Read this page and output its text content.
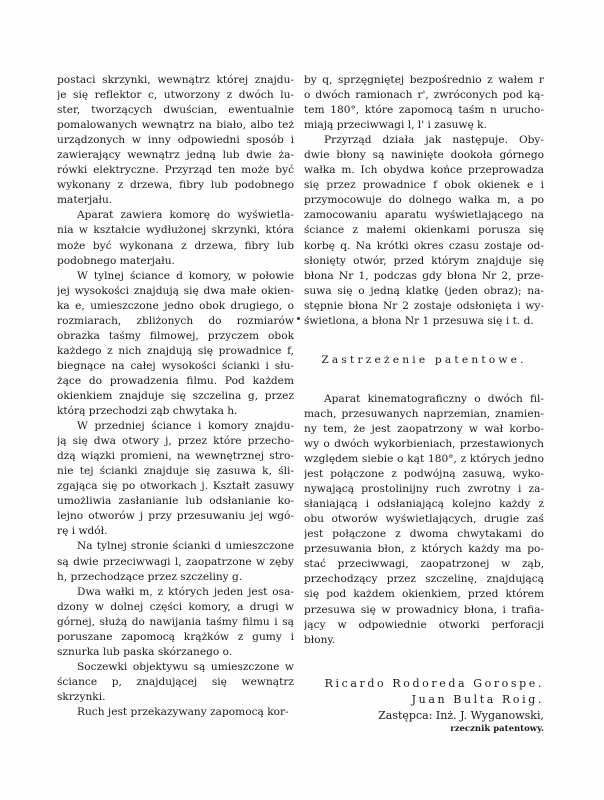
postaci skrzynki, wewnątrz której znajdu-
je się reflektor c, utworzony z dwóch lu-
ster, tworzących dwuścian, ewentualnie
pomalowanych wewnątrz na biało, albo też
urządzonych w inny odpowiedni sposób i
zawierający wewnątrz jedną lub dwie ża-
rówki elektryczne. Przyrząd ten może być
wykonany z drzewa, fibry lub podobnego
materjału.

Aparat zawiera komorę do wyświetla-
nia w kształcie wydłużonej skrzynki, która
może być wykonana z drzewa, fibry lub
podobnego materjału.

W tylnej ściance d komory, w połowie
jej wysokości znajdują się dwa małe okien-
ka e, umieszczone jedno obok drugiego, o
rozmiarach, zbliżonych do rozmiarów
obrazka taśmy filmowej, przyczem obok
każdego z nich znajdują się prowadnice f,
biegnące na całej wysokości ścianki i słu-
żące do prowadzenia filmu. Pod każdem
okienkiem znajduje się szczelina g, przez
którą przechodzi ząb chwytaka h.

W przedniej ściance i komory znajdu-
ją się dwa otwory j, przez które przecho-
dzą wiązki promieni, na wewnętrznej stro-
nie tej ścianki znajduje się zasuwa k, śli-
zgająca się po otworkach j. Kształt zasuwy
umożliwia zasłanianie lub odsłanianie ko-
lejno otworów j przy przesuwaniu jej wgó-
rę i wdół.

Na tylnej stronie ścianki d umieszczone
są dwie przeciwwagi l, zaopatrzone w zęby
h, przechodzące przez szczeliny g.

Dwa wałki m, z których jeden jest osa-
dzony w dolnej części komory, a drugi w
górnej, służą do nawijania taśmy filmu i są
poruszane zapomocą krążków z gumy i
sznurka lub paska skórzanego o.

Soczewki objektywu są umieszczone w
ściance p, znajdującej się wewnątrz
skrzynki.

Ruch jest przekazywany zapomocą kor-

by q, sprzęgniętej bezpośrednio z wałem r
o dwóch ramionach r', zwróconych pod ką-
tem 180°, które zapomocą taśm n urucho-
miają przeciwwagi l, l' i zasuwę k.

Przyrząd działa jak następuje. Oby-
dwie błony są nawinięte dookoła górnego
wałka m. Ich obydwa końce przeprowadza
się przez prowadnice f obok okienek e i
przymocowuje do dolnego wałka m, a po
zamocowaniu aparatu wyświetlającego na
ściance z małemi okienkami porusza się
korbę q. Na krótki okres czasu zostaje od-
słonięty otwór, przed którym znajduje się
błona Nr 1, podczas gdy błona Nr 2, prze-
suwa się o jedną klatkę (jeden obraz); na-
stępnie błona Nr 2 zostaje odsłonięta i wy-
świetlona, a błona Nr 1 przesuwa się i t. d.

Zastrzeżenie patentowe.

Aparat kinematograficzny o dwóch fil-
mach, przesuwanych naprzemian, znamien-
ny tem, że jest zaopatrzony w wał korbo-
wy o dwóch wykorbieniach, przestawionych
względem siebie o kąt 180°, z których jedno
jest połączone z podwójną zasuwą, wyko-
nywającą prostolinijny ruch zwrotny i za-
słaniającą i odsłaniającą kolejno każdy z
obu otworów wyświetlających, drugie zaś
jest połączone z dwoma chwytakami do
przesuwania błon, z których każdy ma po-
stać przeciwwagi, zaopatrzonej w ząb,
przechodzący przez szczelinę, znajdującą
się pod każdem okienkiem, przed którem
przesuwa się w prowadnicy błona, i trafia-
jący w odpowiednie otworki perforacji
błony.

Ricardo Rodoreda Gorospe.
Juan Bulta Roig.
Zastępca: Inż. J. Wyganowski,
rzecznik patentowy.
